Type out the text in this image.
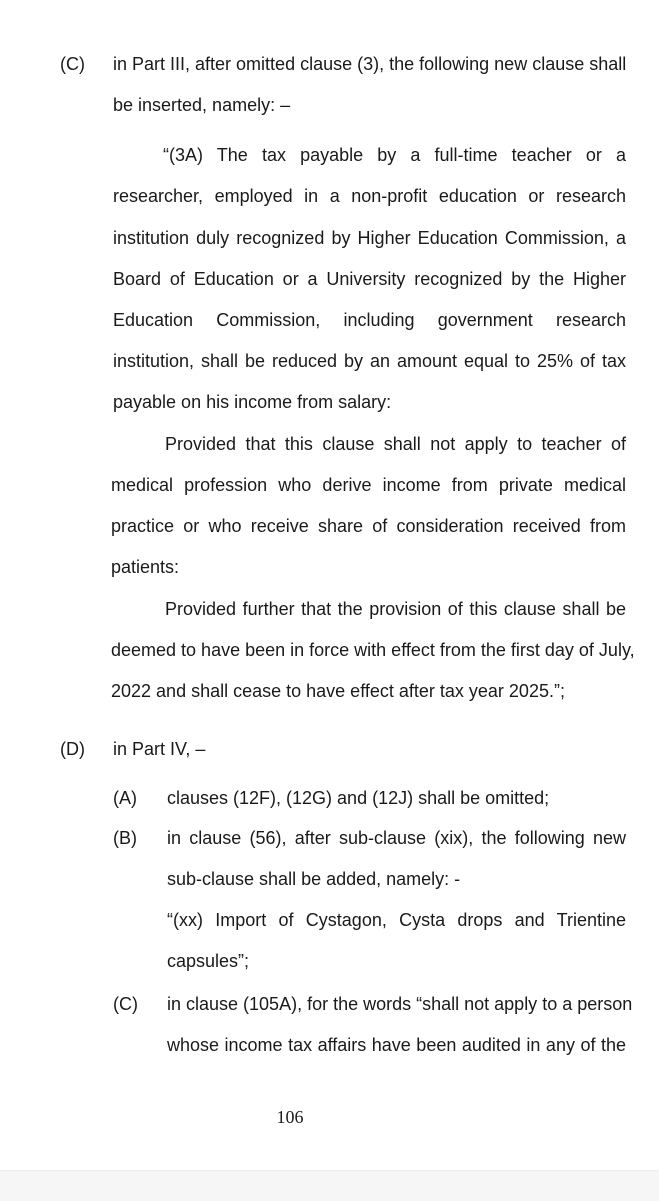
(C) in Part III, after omitted clause (3), the following new clause shall
be inserted, namely: –
“(3A) The tax payable by a full-time teacher or a
researcher, employed in a non-profit education or research
institution duly recognized by Higher Education Commission, a
Board of Education or a University recognized by the Higher
Education Commission, including government research
institution, shall be reduced by an amount equal to 25% of tax
payable on his income from salary:
Provided that this clause shall not apply to teacher of
medical profession who derive income from private medical
practice or who receive share of consideration received from
patients:
Provided further that the provision of this clause shall be
deemed to have been in force with effect from the first day of July,
2022 and shall cease to have effect after tax year 2025.”;
(D) in Part IV, –
(A) clauses (12F), (12G) and (12J) shall be omitted;
(B) in clause (56), after sub-clause (xix), the following new
sub-clause shall be added, namely: -
“(xx) Import of Cystagon, Cysta drops and Trientine
capsules”;
(C) in clause (105A), for the words “shall not apply to a person
whose income tax affairs have been audited in any of the
106
